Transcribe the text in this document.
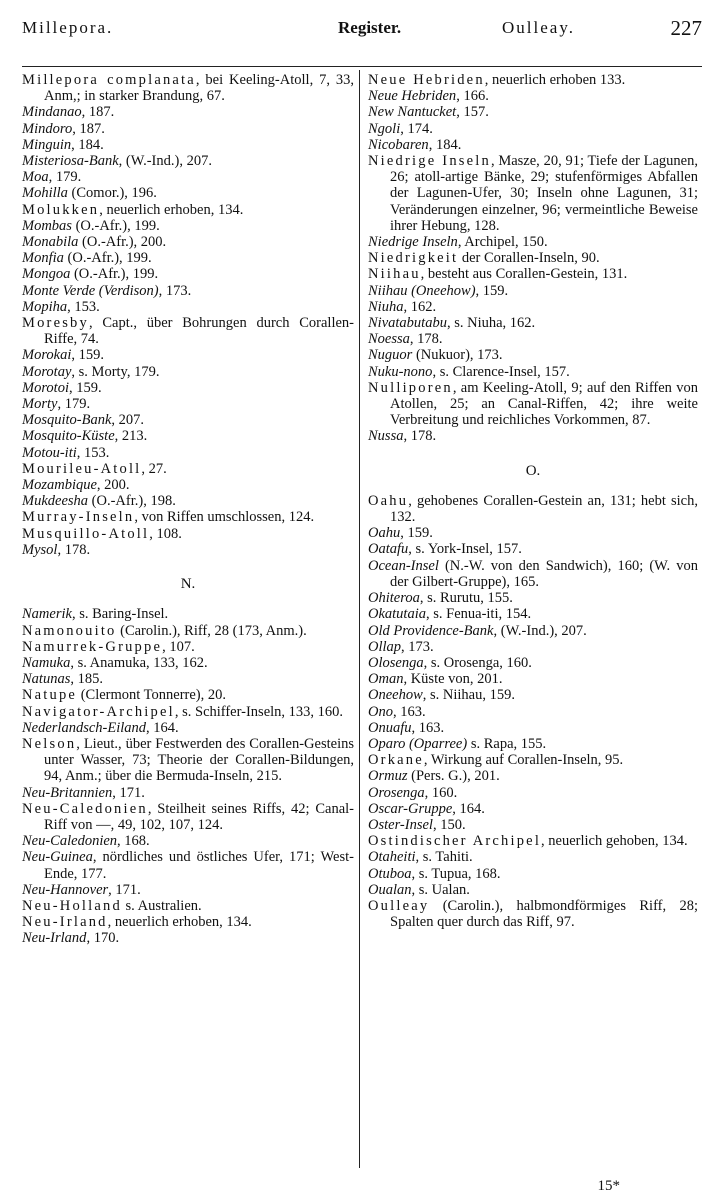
Millepora.	Register.	Oulleay.	227

Millepora complanata, bei Keeling-Atoll, 7, 33, Anm,; in starker Brandung, 67.

Mindanao, 187.

Mindoro, 187.

Minguin, 184.

Misteriosa-Bank, (W.-Ind.), 207.

Moa, 179.

Mohilla (Comor.), 196.

Molukken, neuerlich erhoben, 134.

Mombas (O.-Afr.), 199.

Monabila (O.-Afr.), 200.

Monfia (O.-Afr.), 199.

Mongoa (O.-Afr.), 199.

Monte Verde (Verdison), 173.

Mopiha, 153.

Moresby, Capt., über Bohrungen durch Corallen-Riffe, 74.

Morokai, 159.

Morotay, s. Morty, 179.

Morotoi, 159.

Morty, 179.

Mosquito-Bank, 207.

Mosquito-Küste, 213.

Motou-iti, 153.

Mourileu-Atoll, 27.

Mozambique, 200.

Mukdeesha (O.-Afr.), 198.

Murray-Inseln, von Riffen umschlossen, 124.

Musquillo-Atoll, 108.

Mysol, 178.

N.

Namerik, s. Baring-Insel.

Namonouito (Carolin.), Riff, 28 (173, Anm.).

Namurrek-Gruppe, 107.

Namuka, s. Anamuka, 133, 162.

Natunas, 185.

Natupe (Clermont Tonnerre), 20.

Navigator-Archipel, s. Schiffer-Inseln, 133, 160.

Nederlandsch-Eiland, 164.

Nelson, Lieut., über Festwerden des Corallen-Gesteins unter Wasser, 73; Theorie der Corallen-Bildungen, 94, Anm.; über die Bermuda-Inseln, 215.

Neu-Britannien, 171.

Neu-Caledonien, Steilheit seines Riffs, 42; Canal-Riff von —, 49, 102, 107, 124.

Neu-Caledonien, 168.

Neu-Guinea, nördliches und östliches Ufer, 171; West-Ende, 177.

Neu-Hannover, 171.

Neu-Holland s. Australien.

Neu-Irland, neuerlich erhoben, 134.

Neu-Irland, 170.

Neue Hebriden, neuerlich erhoben 133.

Neue Hebriden, 166.

New Nantucket, 157.

Ngoli, 174.

Nicobaren, 184.

Niedrige Inseln, Masze, 20, 91; Tiefe der Lagunen, 26; atoll-artige Bänke, 29; stufenförmiges Abfallen der Lagunen-Ufer, 30; Inseln ohne Lagunen, 31; Veränderungen einzelner, 96; vermeintliche Beweise ihrer Hebung, 128.

Niedrige Inseln, Archipel, 150.

Niedrigkeit der Corallen-Inseln, 90.

Niihau, besteht aus Corallen-Gestein, 131.

Niihau (Oneehow), 159.

Niuha, 162.

Nivatabutabu, s. Niuha, 162.

Noessa, 178.

Nuguor (Nukuor), 173.

Nuku-nono, s. Clarence-Insel, 157.

Nulliporen, am Keeling-Atoll, 9; auf den Riffen von Atollen, 25; an Canal-Riffen, 42; ihre weite Verbreitung und reichliches Vorkommen, 87.

Nussa, 178.

O.

Oahu, gehobenes Corallen-Gestein an, 131; hebt sich, 132.

Oahu, 159.

Oatafu, s. York-Insel, 157.

Ocean-Insel (N.-W. von den Sandwich), 160; (W. von der Gilbert-Gruppe), 165.

Ohiteroa, s. Rurutu, 155.

Okatutaia, s. Fenua-iti, 154.

Old Providence-Bank, (W.-Ind.), 207.

Ollap, 173.

Olosenga, s. Orosenga, 160.

Oman, Küste von, 201.

Oneehow, s. Niihau, 159.

Ono, 163.

Onuafu, 163.

Oparo (Oparree) s. Rapa, 155.

Orkane, Wirkung auf Corallen-Inseln, 95.

Ormuz (Pers. G.), 201.

Orosenga, 160.

Oscar-Gruppe, 164.

Oster-Insel, 150.

Ostindischer Archipel, neuerlich gehoben, 134.

Otaheiti, s. Tahiti.

Otuboa, s. Tupua, 168.

Oualan, s. Ualan.

Oulleay (Carolin.), halbmondförmiges Riff, 28; Spalten quer durch das Riff, 97.

15*
